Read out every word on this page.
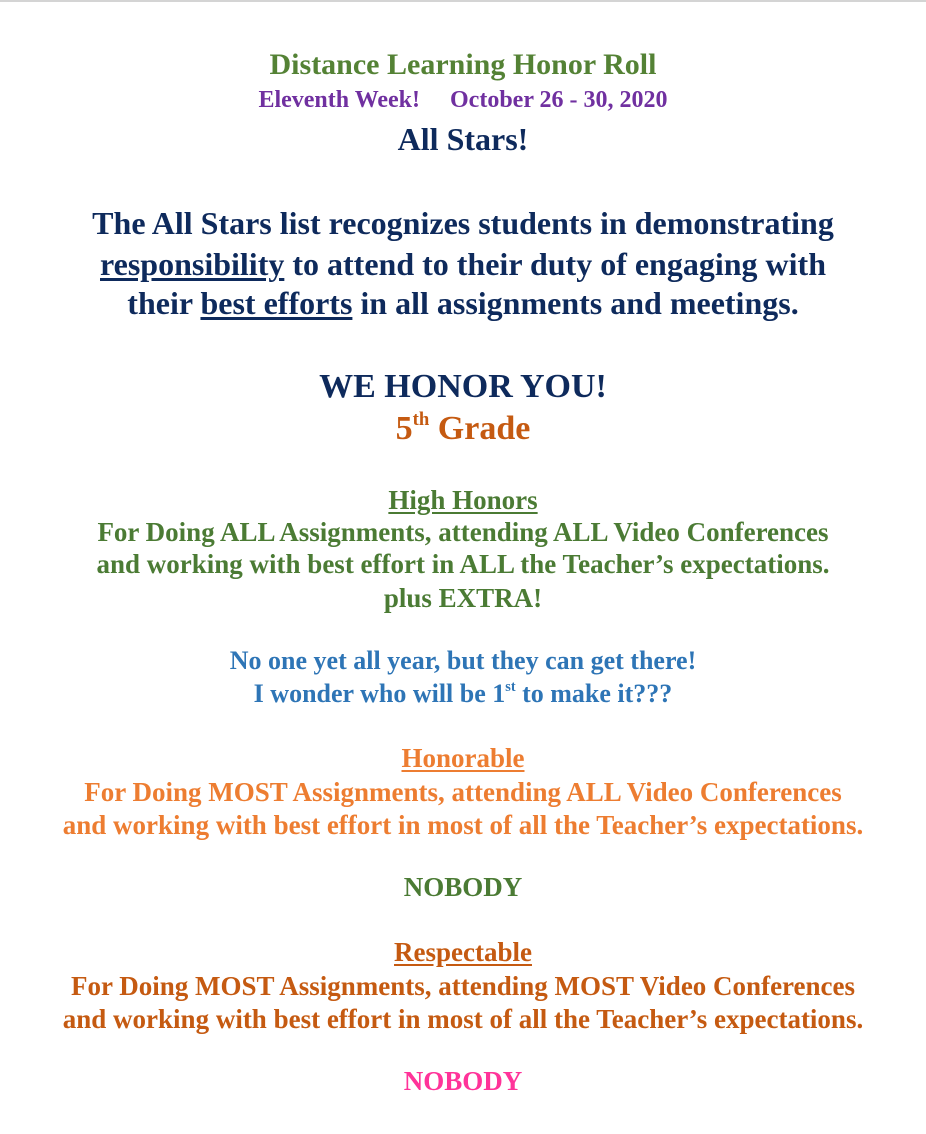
Distance Learning Honor Roll
Eleventh Week! October 26 - 30, 2020
All Stars!
The All Stars list recognizes students in demonstrating
responsibility to attend to their duty of engaging with
their best efforts in all assignments and meetings.
WE HONOR YOU!
5th Grade
High Honors
For Doing ALL Assignments, attending ALL Video Conferences
and working with best effort in ALL the Teacher’s expectations.
plus EXTRA!
No one yet all year, but they can get there!
I wonder who will be 1st to make it???
Honorable
For Doing MOST Assignments, attending ALL Video Conferences
and working with best effort in most of all the Teacher’s expectations.
NOBODY
Respectable
For Doing MOST Assignments, attending MOST Video Conferences
and working with best effort in most of all the Teacher’s expectations.
NOBODY
